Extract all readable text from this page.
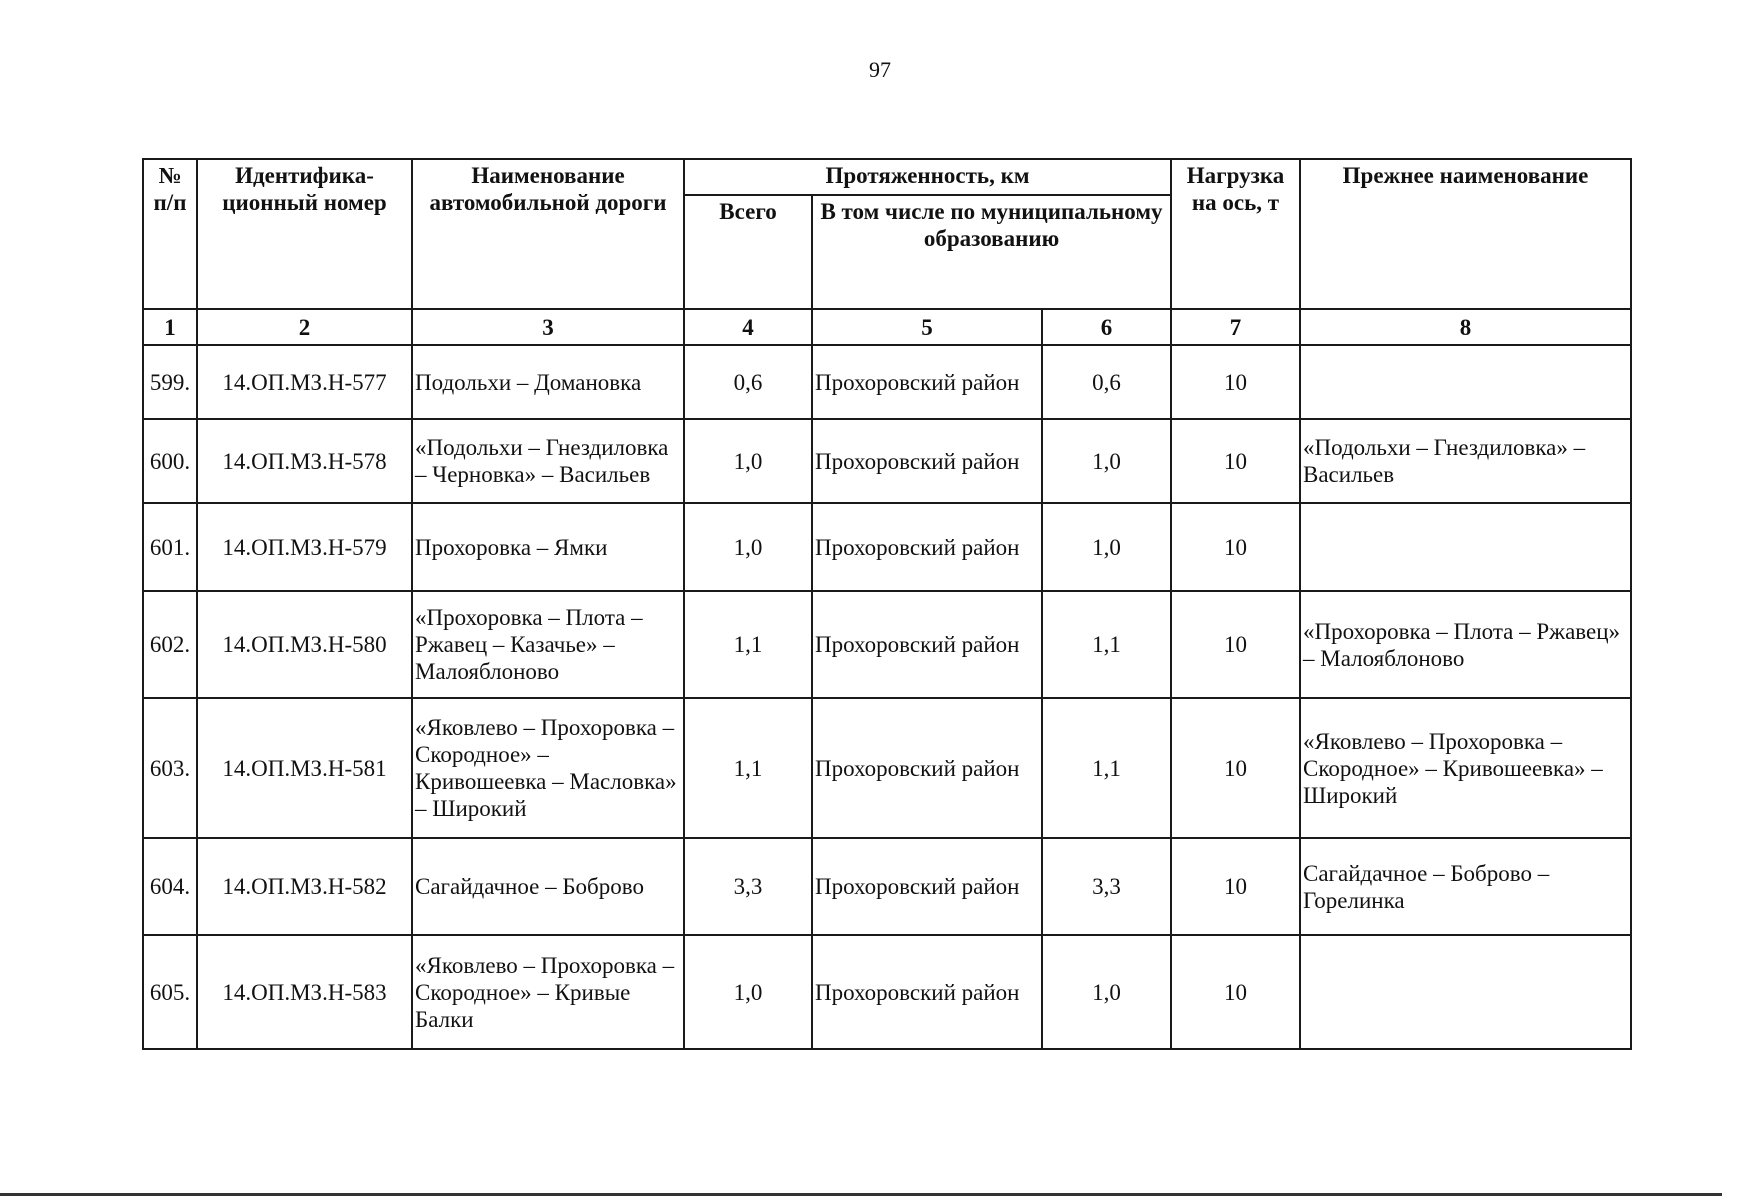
97
№ п/п	Идентифика-ционный номер	Наименование автомобильной дороги	Протяженность, км			Нагрузка на ось, т	Прежнее наименование
			Всего	В том числе по муниципальному образованию			
1	2	3	4	5	6	7	8
599.	14.ОП.МЗ.Н-577	Подольхи – Домановка	0,6	Прохоровский район	0,6	10	
600.	14.ОП.МЗ.Н-578	«Подольхи – Гнездиловка – Черновка» – Васильев	1,0	Прохоровский район	1,0	10	«Подольхи – Гнездиловка» – Васильев
601.	14.ОП.МЗ.Н-579	Прохоровка – Ямки	1,0	Прохоровский район	1,0	10	
602.	14.ОП.МЗ.Н-580	«Прохоровка – Плота – Ржавец – Казачье» – Малояблоново	1,1	Прохоровский район	1,1	10	«Прохоровка – Плота – Ржавец» – Малояблоново
603.	14.ОП.МЗ.Н-581	«Яковлево – Прохоровка – Скородное» – Кривошеевка – Масловка» – Широкий	1,1	Прохоровский район	1,1	10	«Яковлево – Прохоровка – Скородное» – Кривошеевка» – Широкий
604.	14.ОП.МЗ.Н-582	Сагайдачное – Боброво	3,3	Прохоровский район	3,3	10	Сагайдачное – Боброво – Горелинка
605.	14.ОП.МЗ.Н-583	«Яковлево – Прохоровка – Скородное» – Кривые Балки	1,0	Прохоровский район	1,0	10	
